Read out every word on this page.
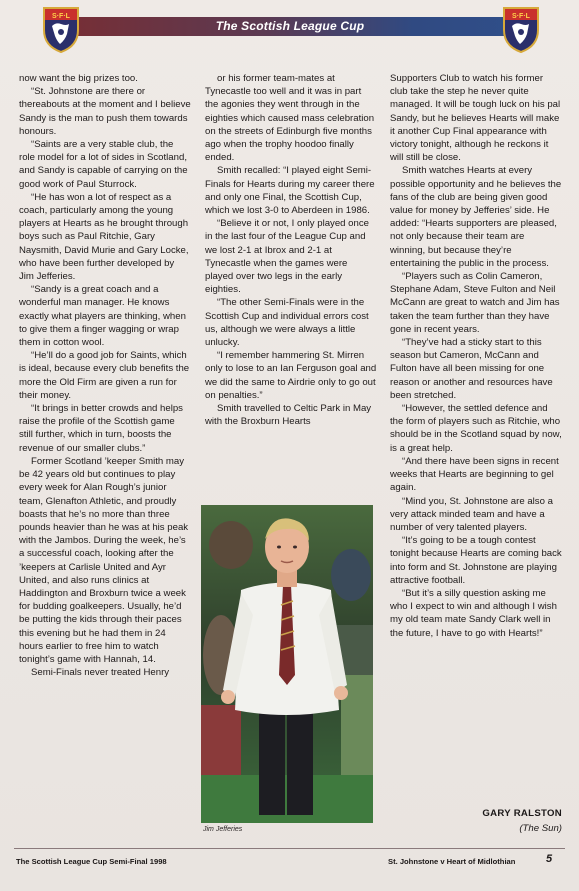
The Scottish League Cup
S·F·L	S·F·L

now want the big prizes too.

“St. Johnstone are there or thereabouts at the moment and I believe Sandy is the man to push them towards honours.

“Saints are a very stable club, the role model for a lot of sides in Scotland, and Sandy is capable of carrying on the good work of Paul Sturrock.

“He has won a lot of respect as a coach, particularly among the young players at Hearts as he brought through boys such as Paul Ritchie, Gary Naysmith, David Murie and Gary Locke, who have been further developed by Jim Jefferies.

“Sandy is a great coach and a wonderful man manager. He knows exactly what players are thinking, when to give them a finger wagging or wrap them in cotton wool.

“He’ll do a good job for Saints, which is ideal, because every club benefits the more the Old Firm are given a run for their money.

“It brings in better crowds and helps raise the profile of the Scottish game still further, which in turn, boosts the revenue of our smaller clubs.”

Former Scotland ’keeper Smith may be 42 years old but continues to play every week for Alan Rough’s junior team, Glenafton Athletic, and proudly boasts that he’s no more than three pounds heavier than he was at his peak with the Jambos. During the week, he’s a successful coach, looking after the ’keepers at Carlisle United and Ayr United, and also runs clinics at Haddington and Broxburn twice a week for budding goalkeepers. Usually, he’d be putting the kids through their paces this evening but he had them in 24 hours earlier to free him to watch tonight’s game with Hannah, 14.

Semi-Finals never treated Henry

or his former team-mates at Tynecastle too well and it was in part the agonies they went through in the eighties which caused mass celebration on the streets of Edinburgh five months ago when the trophy hoodoo finally ended.

Smith recalled: “I played eight Semi-Finals for Hearts during my career there and only one Final, the Scottish Cup, which we lost 3-0 to Aberdeen in 1986.

“Believe it or not, I only played once in the last four of the League Cup and we lost 2-1 at Ibrox and 2-1 at Tynecastle when the games were played over two legs in the early eighties.

“The other Semi-Finals were in the Scottish Cup and individual errors cost us, although we were always a little unlucky.

“I remember hammering St. Mirren only to lose to an Ian Ferguson goal and we did the same to Airdrie only to go out on penalties.”

Smith travelled to Celtic Park in May with the Broxburn Hearts

Supporters Club to watch his former club take the step he never quite managed. It will be tough luck on his pal Sandy, but he believes Hearts will make it another Cup Final appearance with victory tonight, although he reckons it will still be close.

Smith watches Hearts at every possible opportunity and he believes the fans of the club are being given good value for money by Jefferies’ side. He added: “Hearts supporters are pleased, not only because their team are winning, but because they’re entertaining the public in the process.

“Players such as Colin Cameron, Stephane Adam, Steve Fulton and Neil McCann are great to watch and Jim has taken the team further than they have gone in recent years.

“They’ve had a sticky start to this season but Cameron, McCann and Fulton have all been missing for one reason or another and resources have been stretched.

“However, the settled defence and the form of players such as Ritchie, who should be in the Scotland squad by now, is a great help.

“And there have been signs in recent weeks that Hearts are beginning to gel again.

“Mind you, St. Johnstone are also a very attack minded team and have a number of very talented players.

“It’s going to be a tough contest tonight because Hearts are coming back into form and St. Johnstone are playing attractive football.

“But it’s a silly question asking me who I expect to win and although I wish my old team mate Sandy Clark well in the future, I have to go with Hearts!”

Jim Jefferies
GARY RALSTON
(The Sun)
The Scottish League Cup Semi-Final 1998	St. Johnstone v Heart of Midlothian	5
